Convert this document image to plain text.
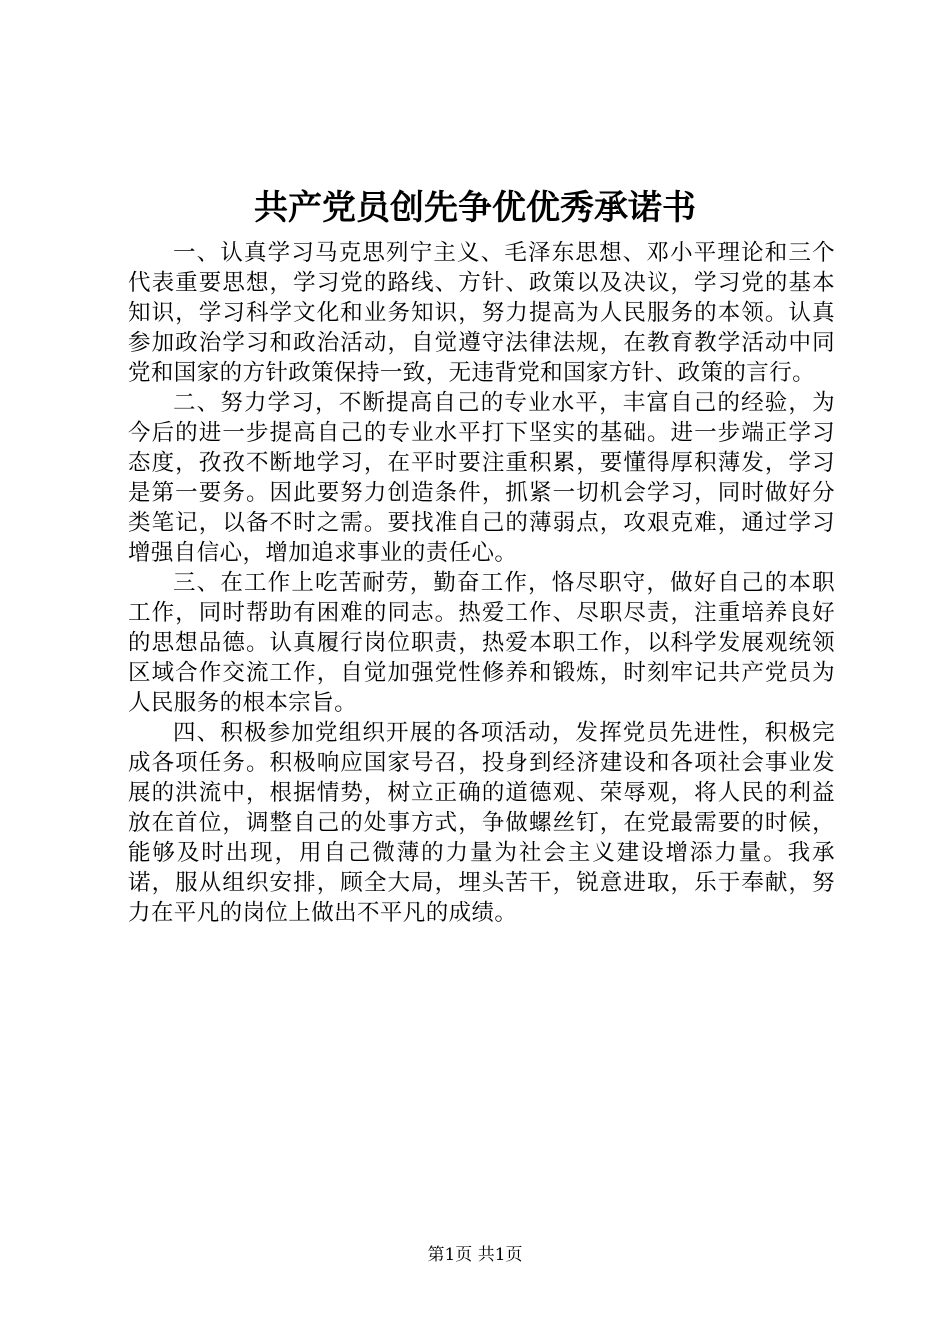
共产党员创先争优优秀承诺书

一、认真学习马克思列宁主义、毛泽东思想、邓小平理论和三个代表重要思想，学习党的路线、方针、政策以及决议，学习党的基本知识，学习科学文化和业务知识，努力提高为人民服务的本领。认真参加政治学习和政治活动，自觉遵守法律法规，在教育教学活动中同党和国家的方针政策保持一致，无违背党和国家方针、政策的言行。

二、努力学习，不断提高自己的专业水平，丰富自己的经验，为今后的进一步提高自己的专业水平打下坚实的基础。进一步端正学习态度，孜孜不断地学习，在平时要注重积累，要懂得厚积薄发，学习是第一要务。因此要努力创造条件，抓紧一切机会学习，同时做好分类笔记，以备不时之需。要找准自己的薄弱点，攻艰克难，通过学习增强自信心，增加追求事业的责任心。

三、在工作上吃苦耐劳，勤奋工作，恪尽职守，做好自己的本职工作，同时帮助有困难的同志。热爱工作、尽职尽责，注重培养良好的思想品德。认真履行岗位职责，热爱本职工作，以科学发展观统领区域合作交流工作，自觉加强党性修养和锻炼，时刻牢记共产党员为人民服务的根本宗旨。

四、积极参加党组织开展的各项活动，发挥党员先进性，积极完成各项任务。积极响应国家号召，投身到经济建设和各项社会事业发展的洪流中，根据情势，树立正确的道德观、荣辱观，将人民的利益放在首位，调整自己的处事方式，争做螺丝钉，在党最需要的时候，能够及时出现，用自己微薄的力量为社会主义建设增添力量。我承诺，服从组织安排，顾全大局，埋头苦干，锐意进取，乐于奉献，努力在平凡的岗位上做出不平凡的成绩。

第1页 共1页
